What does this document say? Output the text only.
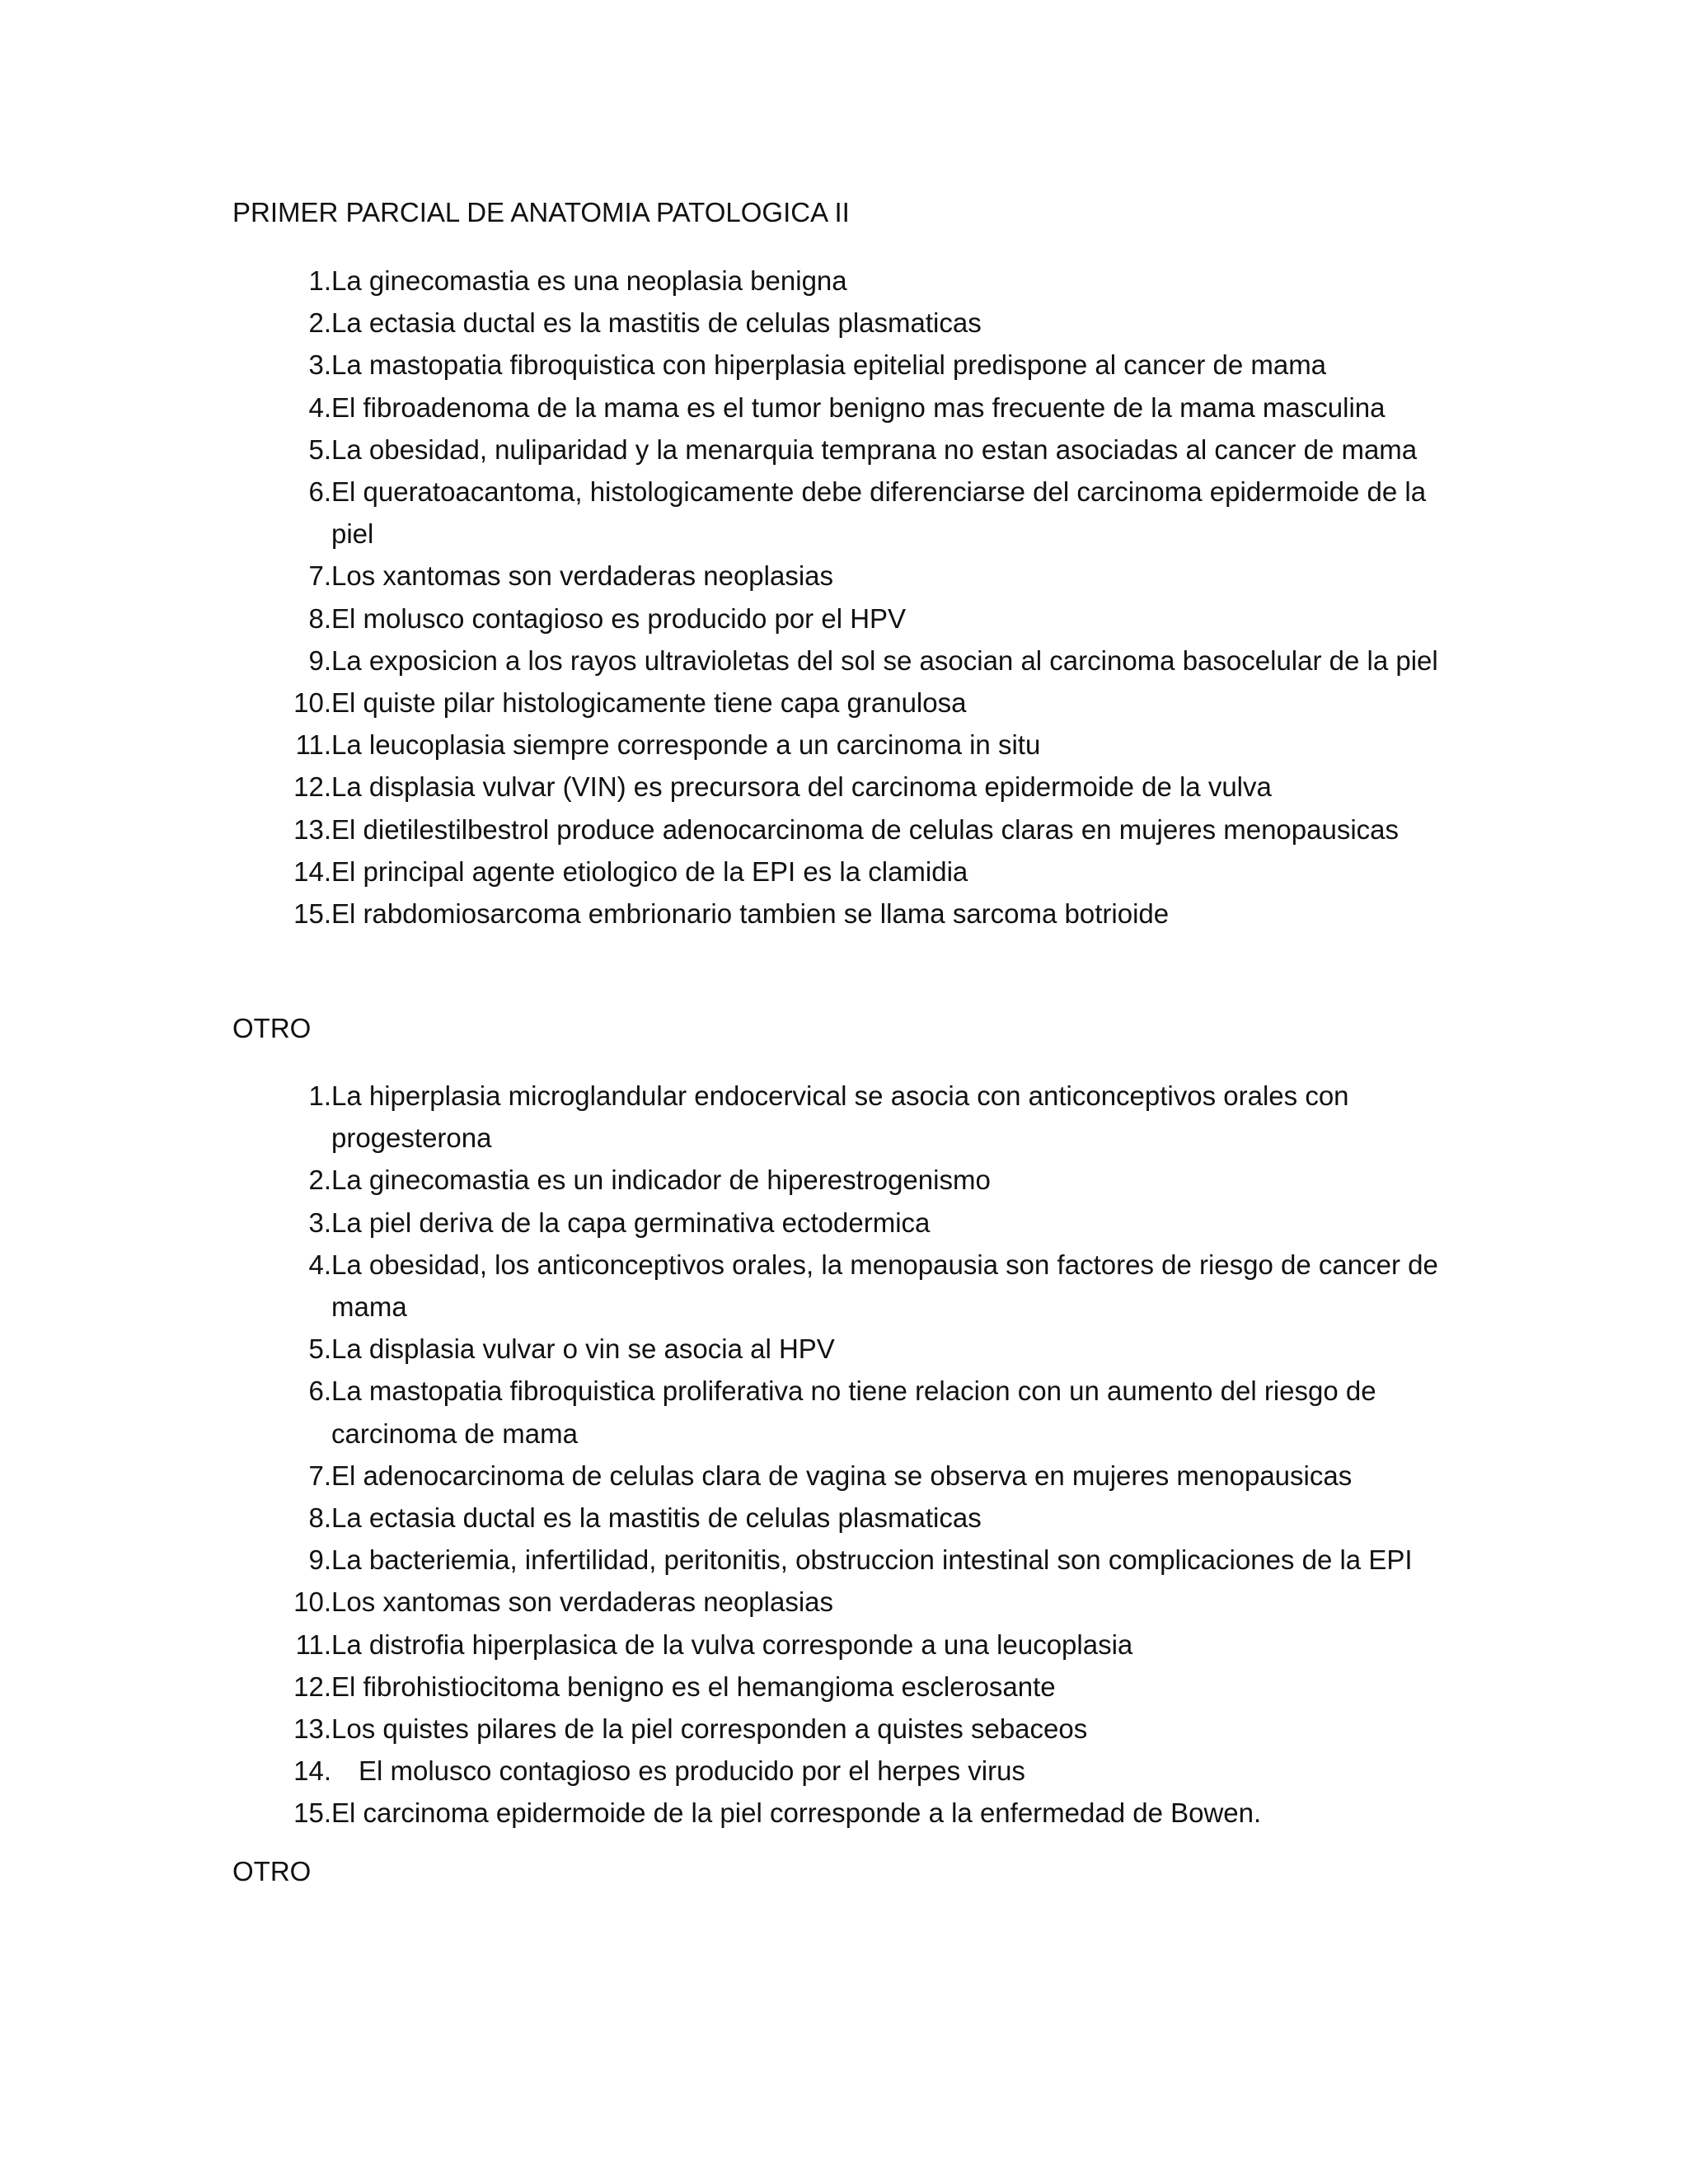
PRIMER PARCIAL DE ANATOMIA PATOLOGICA II
1. La ginecomastia es una neoplasia benigna
2. La ectasia ductal es la mastitis de celulas plasmaticas
3. La mastopatia fibroquistica con hiperplasia epitelial predispone al cancer de mama
4. El fibroadenoma de la mama es el tumor benigno mas frecuente de la mama masculina
5. La obesidad, nuliparidad y la menarquia temprana no estan asociadas al cancer de mama
6. El queratoacantoma, histologicamente debe diferenciarse del carcinoma epidermoide de la piel
7. Los xantomas son verdaderas neoplasias
8. El molusco contagioso es producido por el HPV
9. La exposicion a los rayos ultravioletas del sol se asocian al carcinoma basocelular de la piel
10. El quiste pilar histologicamente tiene capa granulosa
11. La leucoplasia siempre corresponde a un carcinoma in situ
12. La displasia vulvar (VIN) es precursora del carcinoma epidermoide de la vulva
13. El dietilestilbestrol produce adenocarcinoma de celulas claras en mujeres menopausicas
14. El principal agente etiologico de la EPI es la clamidia
15. El rabdomiosarcoma embrionario tambien se llama sarcoma botrioide
OTRO
1. La hiperplasia microglandular endocervical se asocia con anticonceptivos orales con progesterona
2. La ginecomastia es un indicador de hiperestrogenismo
3. La piel deriva de la capa germinativa ectodermica
4. La obesidad, los anticonceptivos orales, la menopausia son factores de riesgo de cancer de mama
5. La displasia vulvar o vin se asocia al HPV
6. La mastopatia fibroquistica proliferativa no tiene relacion con un aumento del riesgo de carcinoma de mama
7. El adenocarcinoma de celulas clara de vagina se observa en mujeres menopausicas
8. La ectasia ductal es la mastitis de celulas plasmaticas
9. La bacteriemia, infertilidad, peritonitis, obstruccion intestinal son complicaciones de la EPI
10. Los xantomas son verdaderas neoplasias
11. La distrofia hiperplasica de la vulva corresponde a una leucoplasia
12. El fibrohistiocitoma benigno es el hemangioma esclerosante
13. Los quistes pilares de la piel corresponden a quistes sebaceos
14.	El molusco contagioso es producido por el herpes virus
15. El carcinoma epidermoide de la piel corresponde a la enfermedad de Bowen.
OTRO
